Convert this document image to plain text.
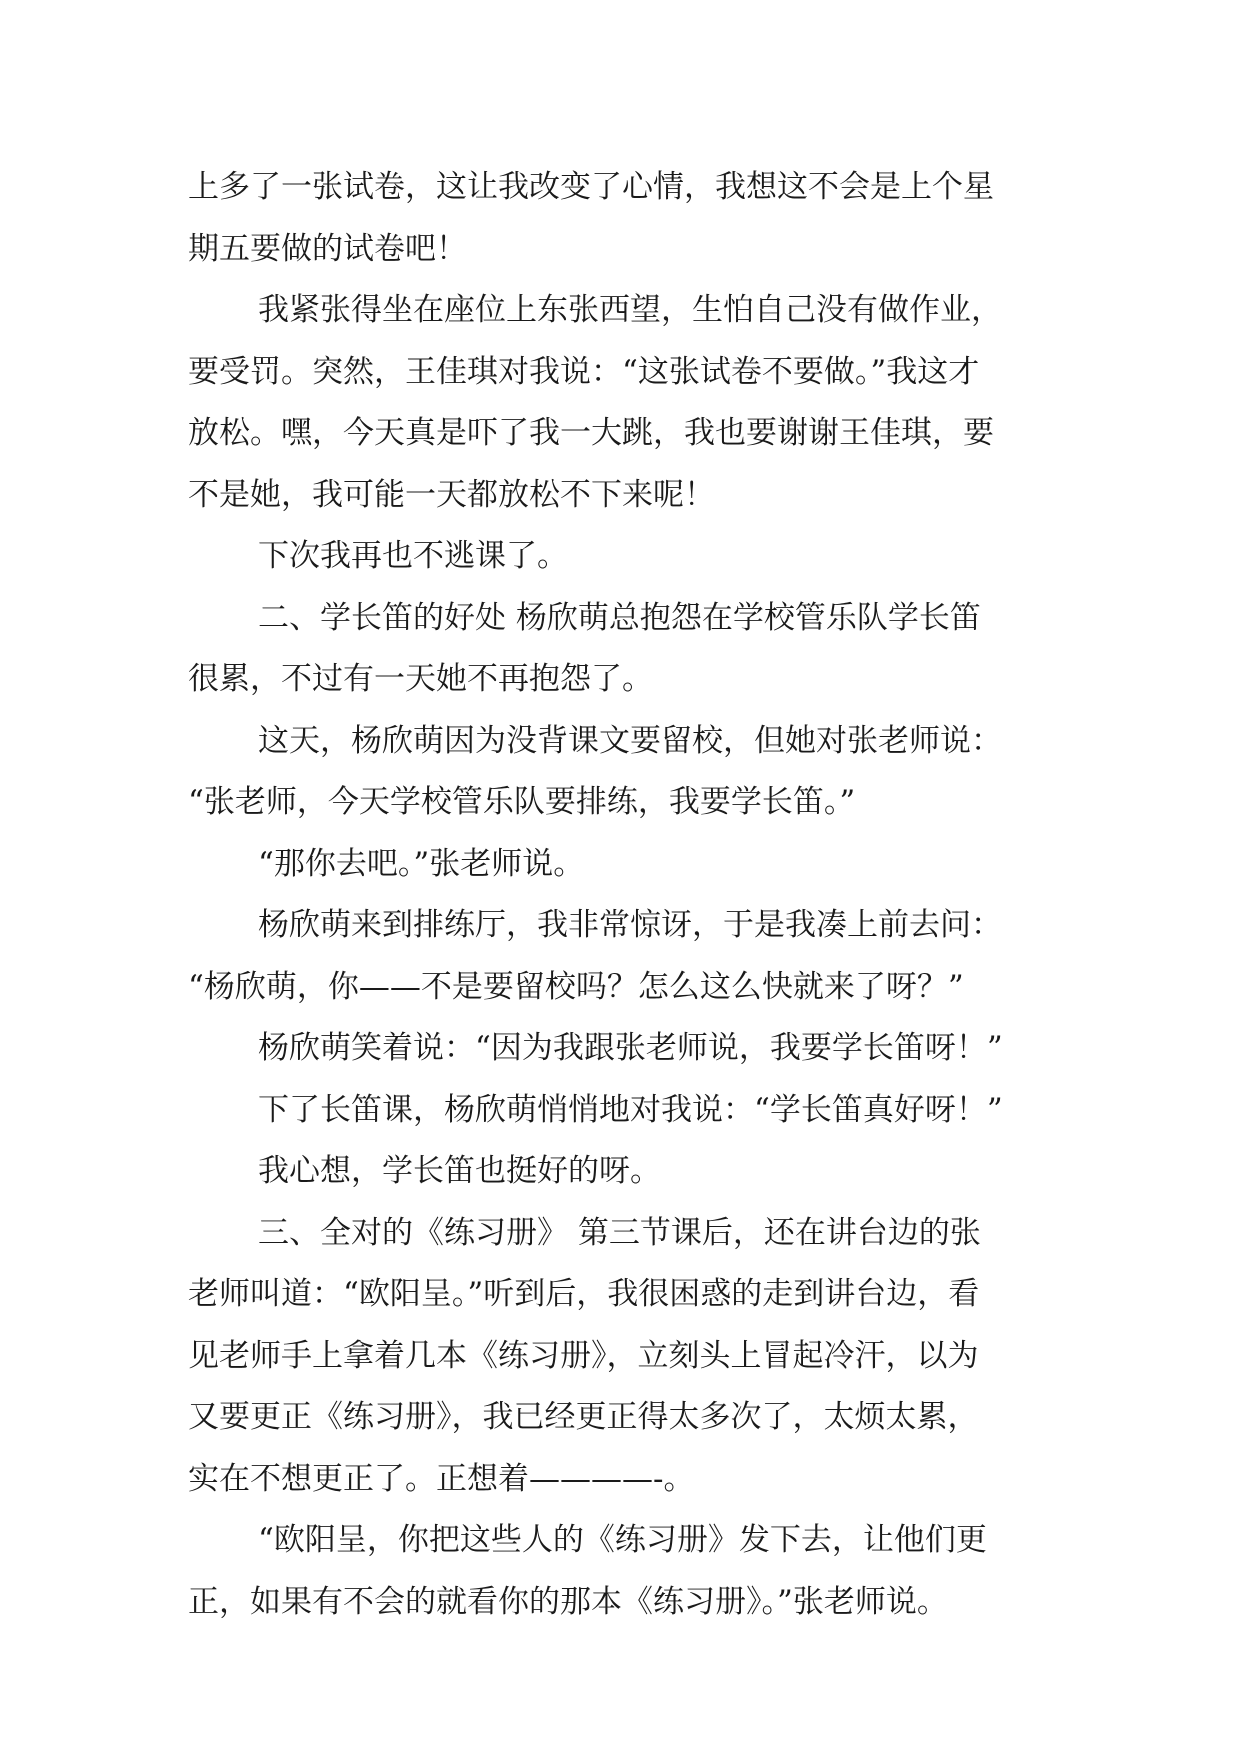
上多了一张试卷，这让我改变了心情，我想这不会是上个星
期五要做的试卷吧！
我紧张得坐在座位上东张西望，生怕自己没有做作业，
要受罚。突然，王佳琪对我说：“这张试卷不要做。”我这才
放松。嘿，今天真是吓了我一大跳，我也要谢谢王佳琪，要
不是她，我可能一天都放松不下来呢！
下次我再也不逃课了。
二、学长笛的好处 杨欣萌总抱怨在学校管乐队学长笛
很累，不过有一天她不再抱怨了。
这天，杨欣萌因为没背课文要留校，但她对张老师说：
“张老师，今天学校管乐队要排练，我要学长笛。”
“那你去吧。”张老师说。
杨欣萌来到排练厅，我非常惊讶，于是我凑上前去问：
“杨欣萌，你——不是要留校吗？怎么这么快就来了呀？”
杨欣萌笑着说：“因为我跟张老师说，我要学长笛呀！”
下了长笛课，杨欣萌悄悄地对我说：“学长笛真好呀！”
我心想，学长笛也挺好的呀。
三、全对的《练习册》 第三节课后，还在讲台边的张
老师叫道：“欧阳呈。”听到后，我很困惑的走到讲台边，看
见老师手上拿着几本《练习册》，立刻头上冒起冷汗，以为
又要更正《练习册》，我已经更正得太多次了，太烦太累，
实在不想更正了。正想着————-。
“欧阳呈，你把这些人的《练习册》发下去，让他们更
正，如果有不会的就看你的那本《练习册》。”张老师说。
